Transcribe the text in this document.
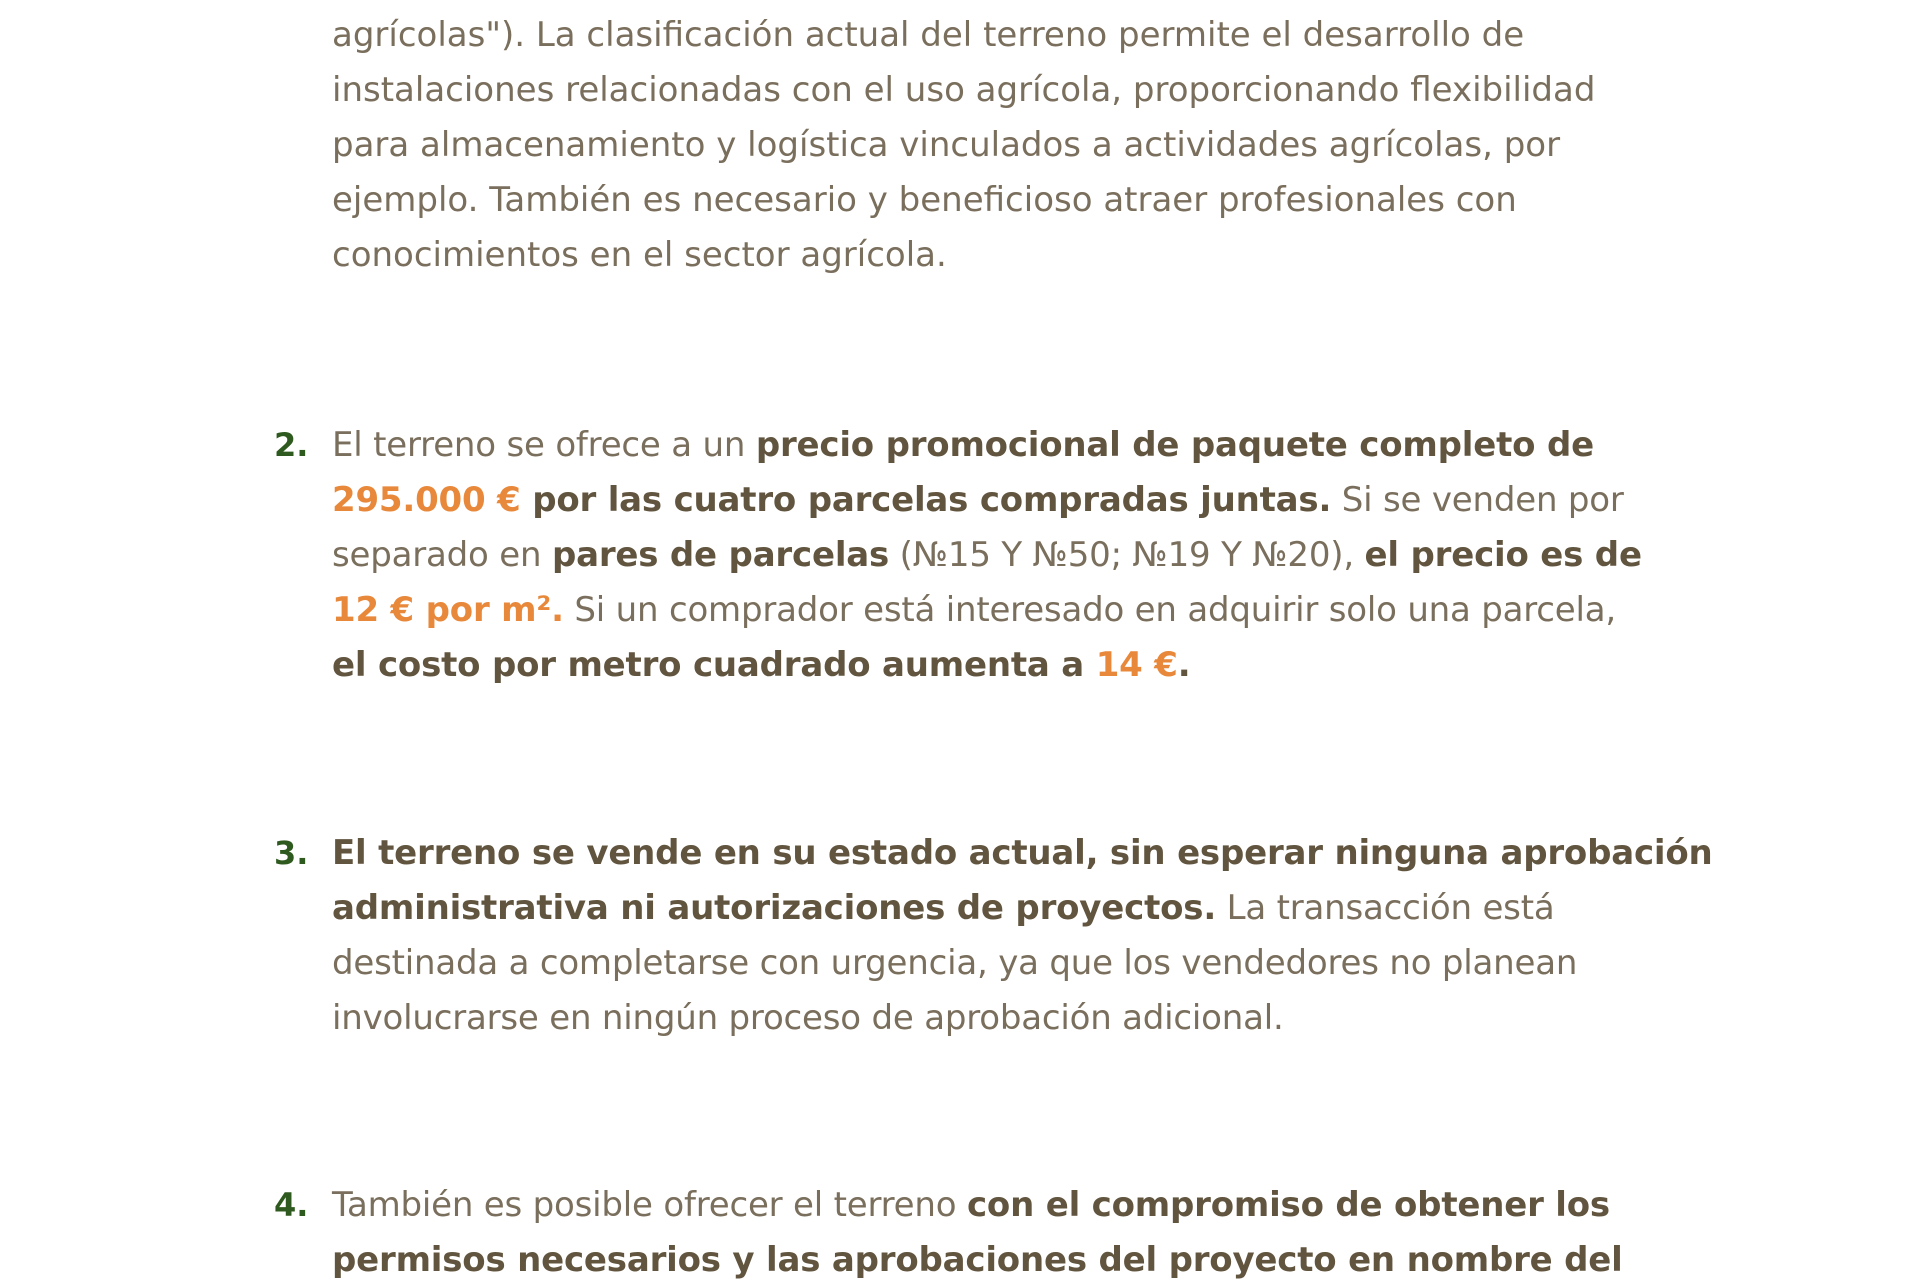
agrícolas"). La clasificación actual del terreno permite el desarrollo de
instalaciones relacionadas con el uso agrícola, proporcionando flexibilidad
para almacenamiento y logística vinculados a actividades agrícolas, por
ejemplo. También es necesario y beneficioso atraer profesionales con
conocimientos en el sector agrícola.
2. El terreno se ofrece a un precio promocional de paquete completo de
295.000 € por las cuatro parcelas compradas juntas. Si se venden por separado en pares de parcelas (№15 Y №50; №19 Y №20), el precio es de
12 € por m². Si un comprador está interesado en adquirir solo una parcela,
el costo por metro cuadrado aumenta a 14 €.
3. El terreno se vende en su estado actual, sin esperar ninguna aprobación administrativa ni autorizaciones de proyectos. La transacción está destinada a completarse con urgencia, ya que los vendedores no planean involucrarse en ningún proceso de aprobación adicional.
4. También es posible ofrecer el terreno con el compromiso de obtener los permisos necesarios y las aprobaciones del proyecto en nombre del
